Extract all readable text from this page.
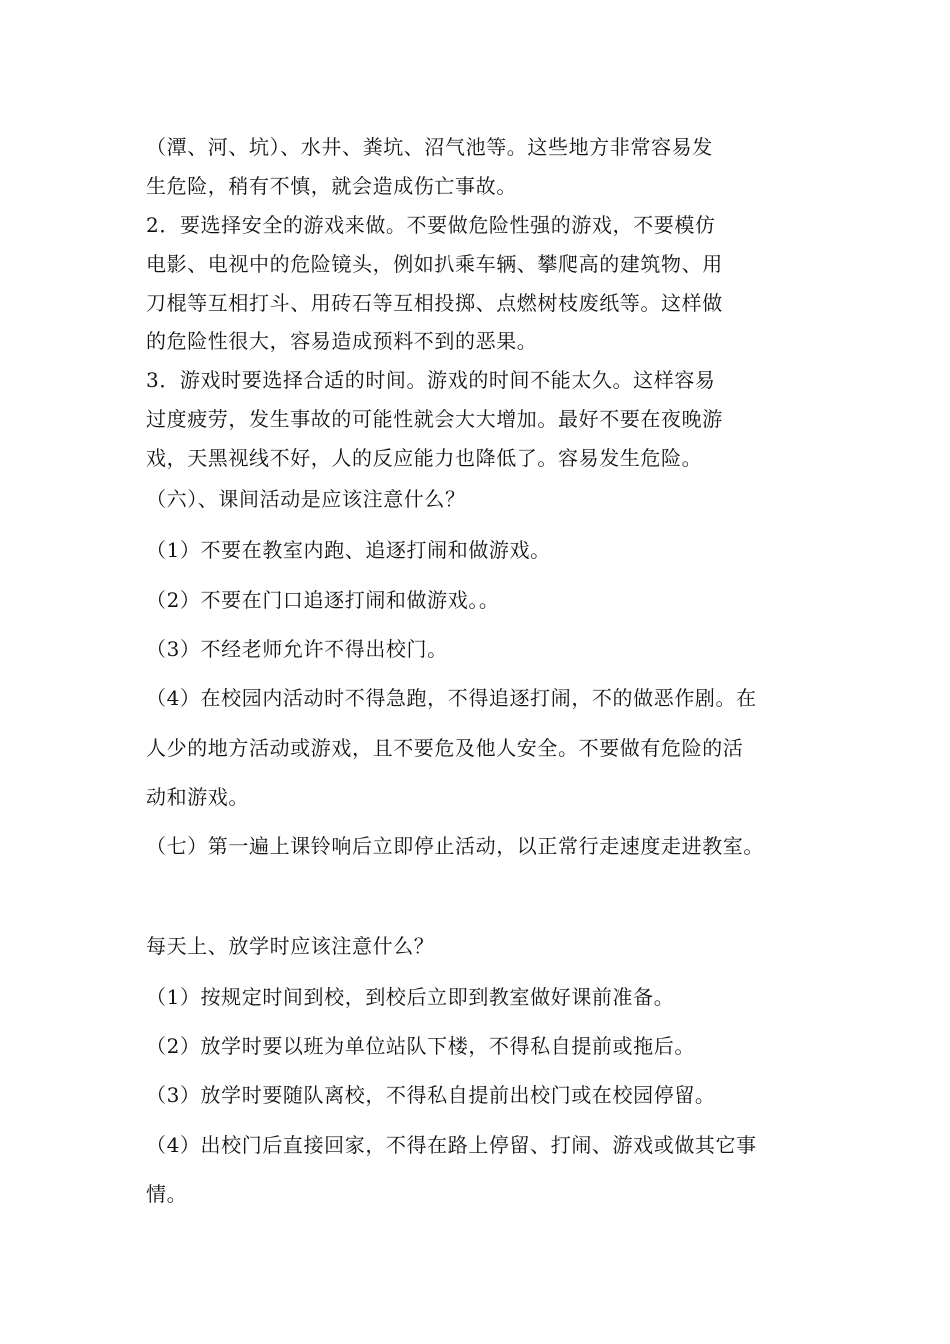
（潭、河、坑）、水井、粪坑、沼气池等。这些地方非常容易发
生危险，稍有不慎，就会造成伤亡事故。
2．要选择安全的游戏来做。不要做危险性强的游戏，不要模仿
电影、电视中的危险镜头，例如扒乘车辆、攀爬高的建筑物、用
刀棍等互相打斗、用砖石等互相投掷、点燃树枝废纸等。这样做
的危险性很大，容易造成预料不到的恶果。
3．游戏时要选择合适的时间。游戏的时间不能太久。这样容易
过度疲劳，发生事故的可能性就会大大增加。最好不要在夜晚游
戏，天黑视线不好，人的反应能力也降低了。容易发生危险。
（六）、课间活动是应该注意什么？
（1）不要在教室内跑、追逐打闹和做游戏。
（2）不要在门口追逐打闹和做游戏。。
（3）不经老师允许不得出校门。
（4）在校园内活动时不得急跑，不得追逐打闹，不的做恶作剧。在
人少的地方活动或游戏，且不要危及他人安全。不要做有危险的活
动和游戏。
（七）第一遍上课铃响后立即停止活动，以正常行走速度走进教室。
每天上、放学时应该注意什么？
（1）按规定时间到校，到校后立即到教室做好课前准备。
（2）放学时要以班为单位站队下楼，不得私自提前或拖后。
（3）放学时要随队离校，不得私自提前出校门或在校园停留。
（4）出校门后直接回家，不得在路上停留、打闹、游戏或做其它事
情。
